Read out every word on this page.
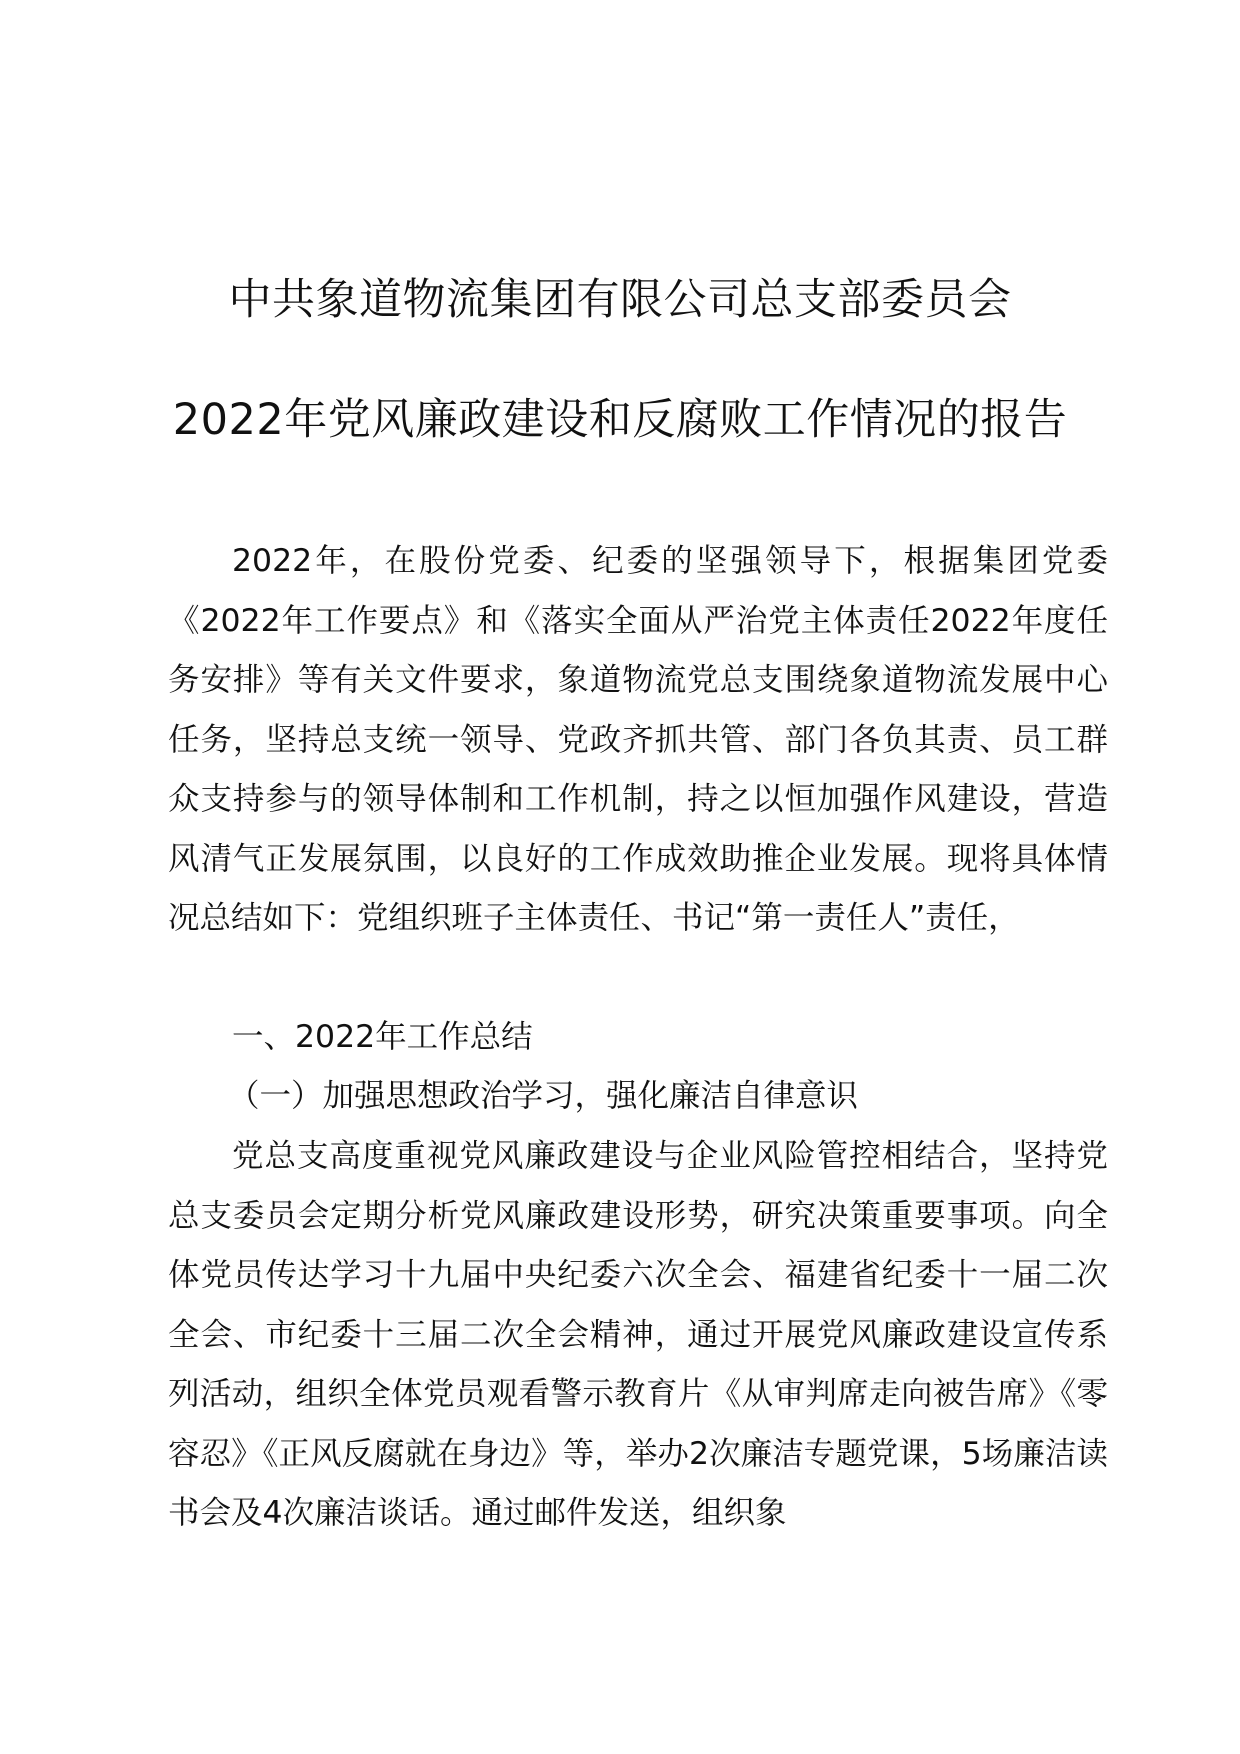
中共象道物流集团有限公司总支部委员会
2022年党风廉政建设和反腐败工作情况的报告

2022年，在股份党委、纪委的坚强领导下，根据集团党委《2022年工作要点》和《落实全面从严治党主体责任2022年度任务安排》等有关文件要求，象道物流党总支围绕象道物流发展中心任务，坚持总支统一领导、党政齐抓共管、部门各负其责、员工群众支持参与的领导体制和工作机制，持之以恒加强作风建设，营造风清气正发展氛围，以良好的工作成效助推企业发展。现将具体情况总结如下：党组织班子主体责任、书记“第一责任人”责任，

一、2022年工作总结

（一）加强思想政治学习，强化廉洁自律意识

党总支高度重视党风廉政建设与企业风险管控相结合，坚持党总支委员会定期分析党风廉政建设形势，研究决策重要事项。向全体党员传达学习十九届中央纪委六次全会、福建省纪委十一届二次全会、市纪委十三届二次全会精神，通过开展党风廉政建设宣传系列活动，组织全体党员观看警示教育片《从审判席走向被告席》《零容忍》《正风反腐就在身边》等，举办2次廉洁专题党课，5场廉洁读书会及4次廉洁谈话。通过邮件发送，组织象
